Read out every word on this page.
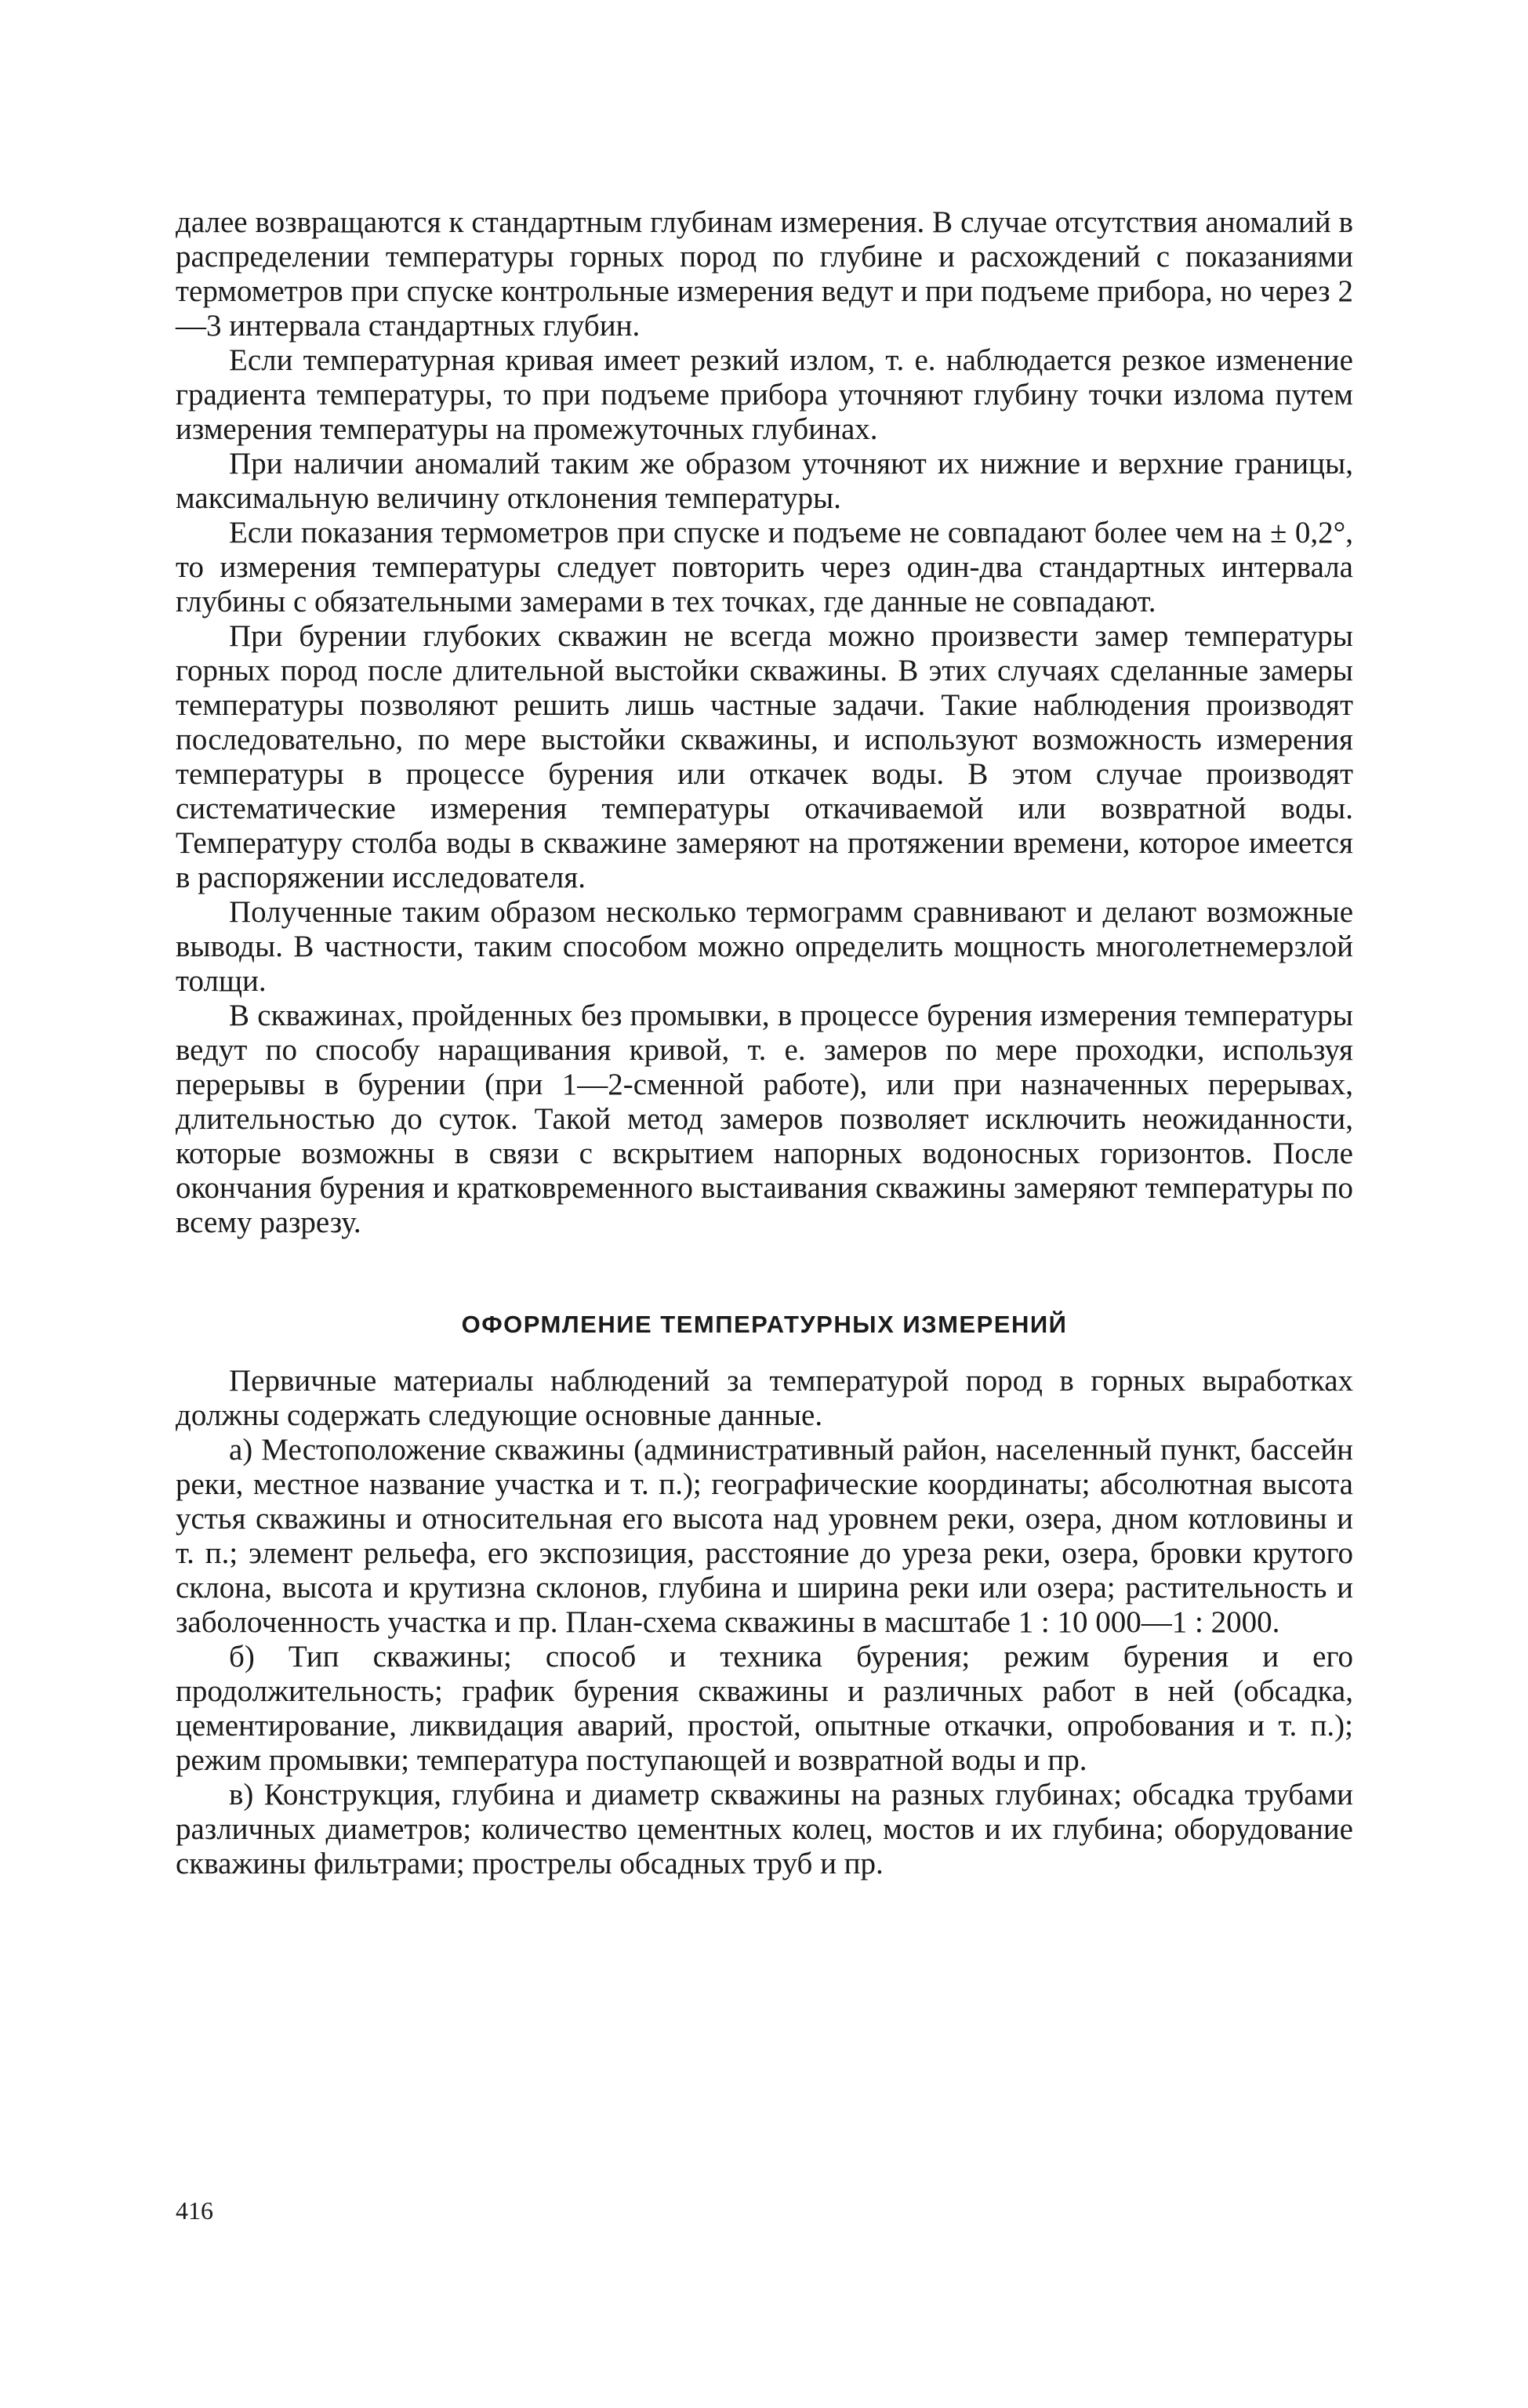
далее возвращаются к стандартным глубинам измерения. В случае отсутствия аномалий в распределении температуры горных пород по глубине и расхождений с показаниями термометров при спуске контрольные измерения ведут и при подъеме прибора, но через 2—3 интервала стандартных глубин.

Если температурная кривая имеет резкий излом, т. е. наблюдается резкое изменение градиента температуры, то при подъеме прибора уточняют глубину точки излома путем измерения температуры на промежуточных глубинах.

При наличии аномалий таким же образом уточняют их нижние и верхние границы, максимальную величину отклонения температуры.

Если показания термометров при спуске и подъеме не совпадают более чем на ± 0,2°, то измерения температуры следует повторить через один-два стандартных интервала глубины с обязательными замерами в тех точках, где данные не совпадают.

При бурении глубоких скважин не всегда можно произвести замер температуры горных пород после длительной выстойки скважины. В этих случаях сделанные замеры температуры позволяют решить лишь частные задачи. Такие наблюдения производят последовательно, по мере выстойки скважины, и используют возможность измерения температуры в процессе бурения или откачек воды. В этом случае производят систематические измерения температуры откачиваемой или возвратной воды. Температуру столба воды в скважине замеряют на протяжении времени, которое имеется в распоряжении исследователя.

Полученные таким образом несколько термограмм сравнивают и делают возможные выводы. В частности, таким способом можно определить мощность многолетнемерзлой толщи.

В скважинах, пройденных без промывки, в процессе бурения измерения температуры ведут по способу наращивания кривой, т. е. замеров по мере проходки, используя перерывы в бурении (при 1—2-сменной работе), или при назначенных перерывах, длительностью до суток. Такой метод замеров позволяет исключить неожиданности, которые возможны в связи с вскрытием напорных водоносных горизонтов. После окончания бурения и кратковременного выстаивания скважины замеряют температуры по всему разрезу.

ОФОРМЛЕНИЕ ТЕМПЕРАТУРНЫХ ИЗМЕРЕНИЙ

Первичные материалы наблюдений за температурой пород в горных выработках должны содержать следующие основные данные.

а) Местоположение скважины (административный район, населенный пункт, бассейн реки, местное название участка и т. п.); географические координаты; абсолютная высота устья скважины и относительная его высота над уровнем реки, озера, дном котловины и т. п.; элемент рельефа, его экспозиция, расстояние до уреза реки, озера, бровки крутого склона, высота и крутизна склонов, глубина и ширина реки или озера; растительность и заболоченность участка и пр. План-схема скважины в масштабе 1 : 10 000—1 : 2000.

б) Тип скважины; способ и техника бурения; режим бурения и его продолжительность; график бурения скважины и различных работ в ней (обсадка, цементирование, ликвидация аварий, простой, опытные откачки, опробования и т. п.); режим промывки; температура поступающей и возвратной воды и пр.

в) Конструкция, глубина и диаметр скважины на разных глубинах; обсадка трубами различных диаметров; количество цементных колец, мостов и их глубина; оборудование скважины фильтрами; прострелы обсадных труб и пр.

416
